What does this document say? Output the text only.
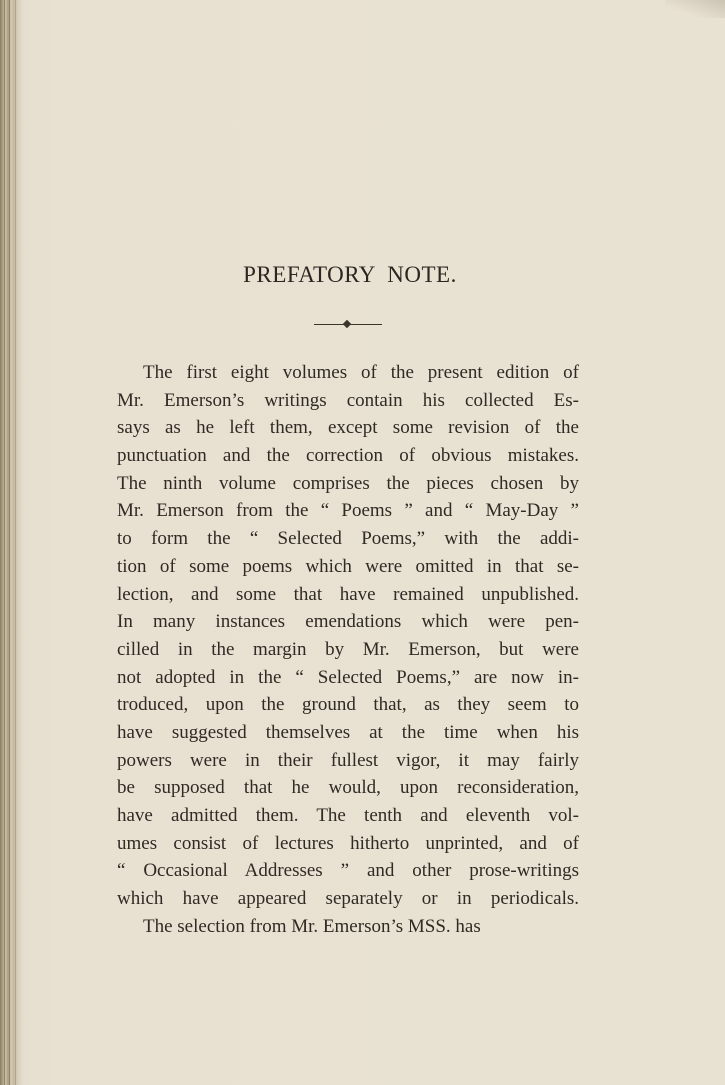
PREFATORY NOTE.
The first eight volumes of the present edition of
Mr. Emerson’s writings contain his collected Es-
says as he left them, except some revision of the
punctuation and the correction of obvious mistakes.
The ninth volume comprises the pieces chosen by
Mr. Emerson from the “ Poems ” and “ May-Day ”
to form the “ Selected Poems,” with the addi-
tion of some poems which were omitted in that se-
lection, and some that have remained unpublished.
In many instances emendations which were pen-
cilled in the margin by Mr. Emerson, but were
not adopted in the “ Selected Poems,” are now in-
troduced, upon the ground that, as they seem to
have suggested themselves at the time when his
powers were in their fullest vigor, it may fairly
be supposed that he would, upon reconsideration,
have admitted them. The tenth and eleventh vol-
umes consist of lectures hitherto unprinted, and of
“ Occasional Addresses ” and other prose-writings
which have appeared separately or in periodicals.
The selection from Mr. Emerson’s MSS. has
